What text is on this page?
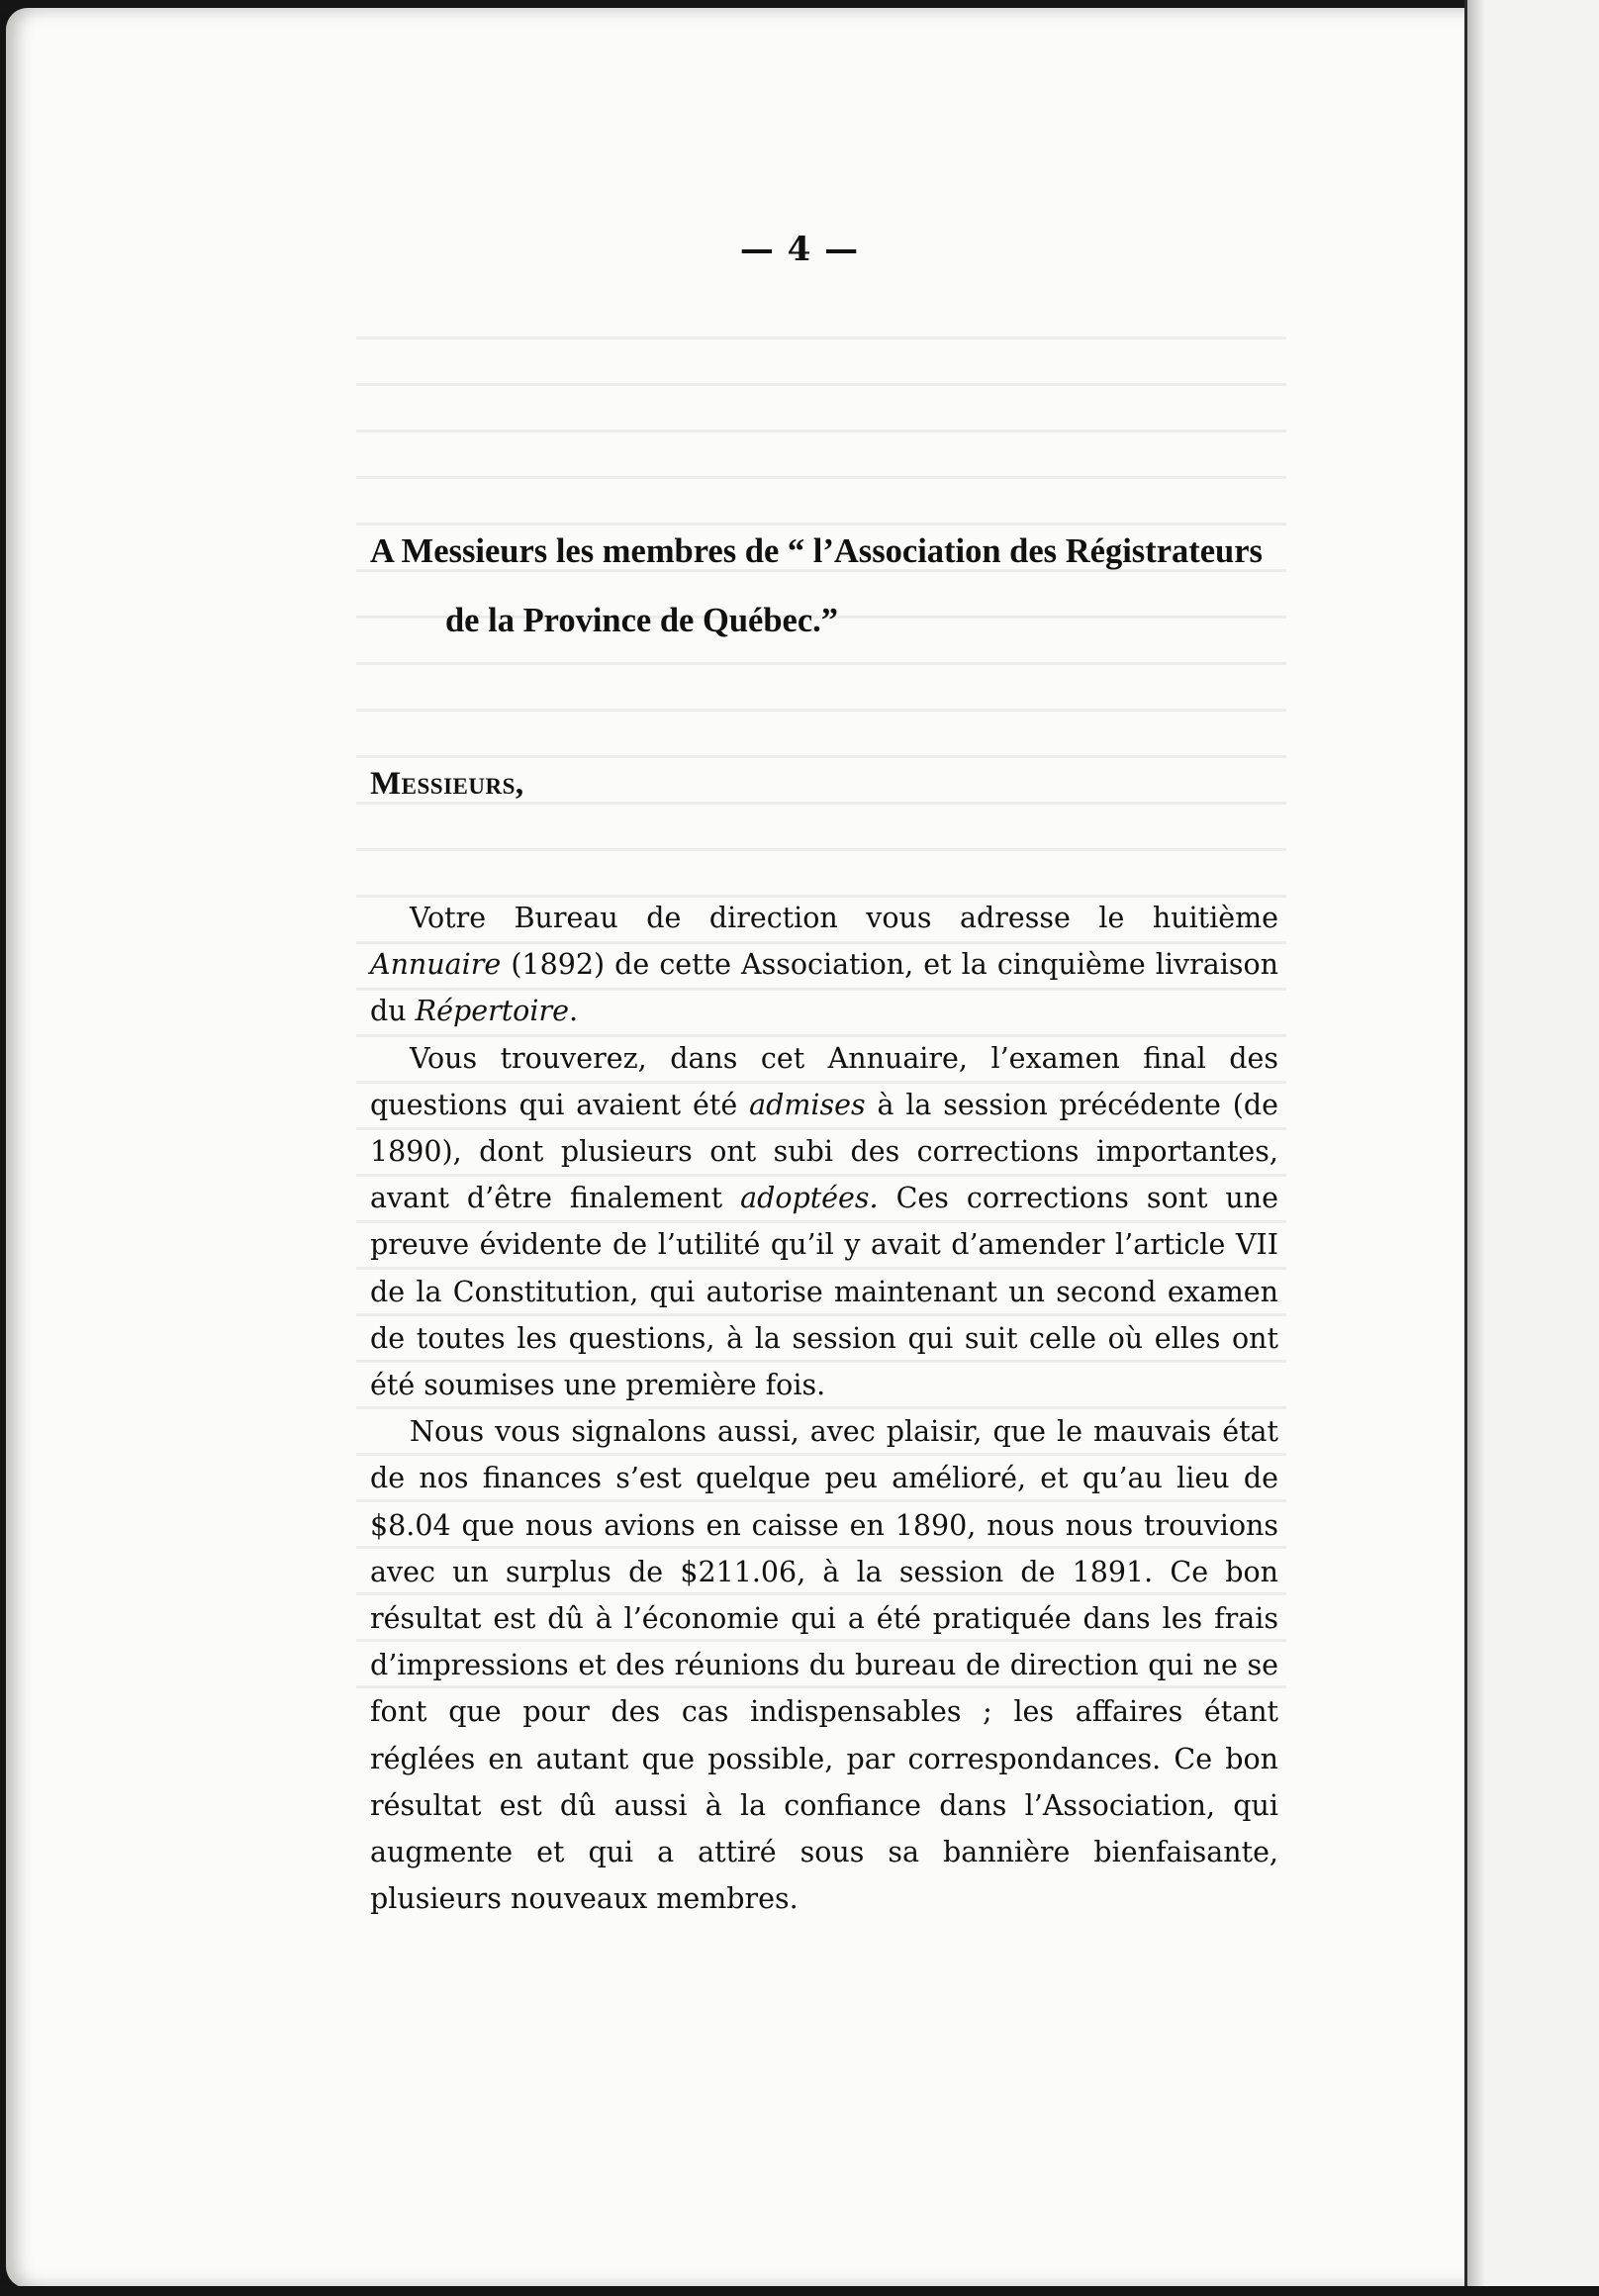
— 4 —
A Messieurs les membres de “ l’Association des Régistrateurs
de la Province de Québec.”
Messieurs,

Votre Bureau de direction vous adresse le huitième Annuaire (1892) de cette Association, et la cinquième livraison du Répertoire.

Vous trouverez, dans cet Annuaire, l’examen final des questions qui avaient été admises à la session précédente (de 1890), dont plusieurs ont subi des corrections importantes, avant d’être finalement adoptées. Ces corrections sont une preuve évidente de l’utilité qu’il y avait d’amender l’article VII de la Constitution, qui autorise maintenant un second examen de toutes les questions, à la session qui suit celle où elles ont été soumises une première fois.

Nous vous signalons aussi, avec plaisir, que le mauvais état de nos finances s’est quelque peu amélioré, et qu’au lieu de $8.04 que nous avions en caisse en 1890, nous nous trouvions avec un surplus de $211.06, à la session de 1891. Ce bon résultat est dû à l’économie qui a été pratiquée dans les frais d’impressions et des réunions du bureau de direction qui ne se font que pour des cas indispensables ; les affaires étant réglées en autant que possible, par correspondances. Ce bon résultat est dû aussi à la confiance dans l’Association, qui augmente et qui a attiré sous sa bannière bienfaisante, plusieurs nouveaux membres.
